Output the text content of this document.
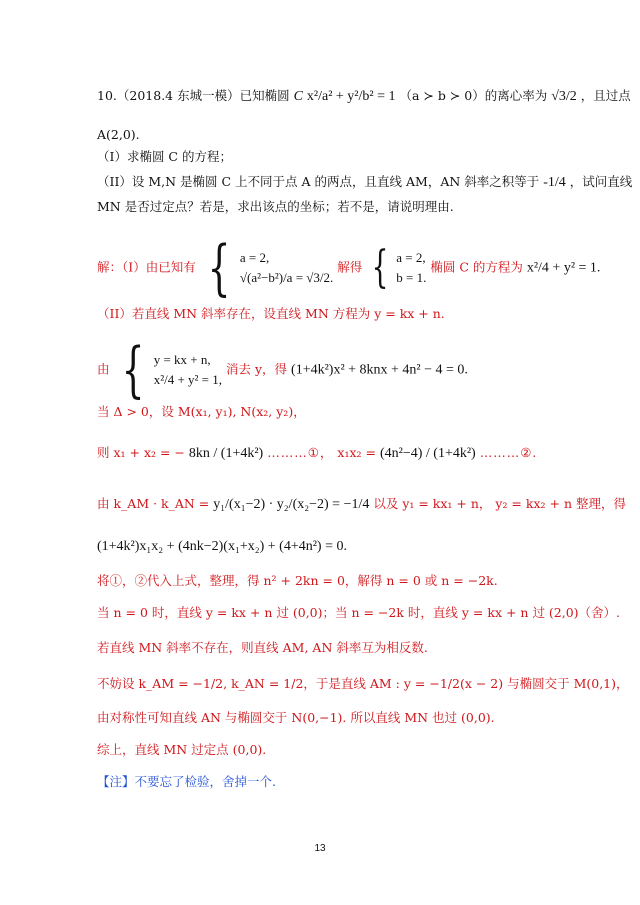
10.（2018.4 东城一模）已知椭圆 C x²/a² + y²/b² = 1 （a ≻ b ≻ 0）的离心率为 √3/2 ，且过点
A(2,0).
（Ⅰ）求椭圆 C 的方程；
（II）设 M,N 是椭圆 C 上不同于点 A 的两点，且直线 AM，AN 斜率之积等于 -1/4 ，试问直线
MN 是否过定点？若是，求出该点的坐标；若不是，请说明理由.
解：（I）由已知有 { a = 2,
√(a²−b²)/a = √3/2.
解得 { a = 2,
b = 1.
椭圆 C 的方程为 x²/4 + y² = 1.
（II）若直线 MN 斜率存在，设直线 MN 方程为 y = kx + n.
由 { y = kx + n,
x²/4 + y² = 1,
消去 y，得 (1+4k²)x² + 8knx + 4n² − 4 = 0.
当 Δ > 0，设 M(x₁, y₁), N(x₂, y₂)，
则 x₁ + x₂ = − 8kn / (1+4k²) ………①， x₁x₂ = (4n²−4) / (1+4k²) ………②.
由 k_AM · k_AN = y₁/(x₁−2) · y₂/(x₂−2) = −1/4 以及 y₁ = kx₁ + n， y₂ = kx₂ + n 整理，得
(1+4k²)x₁x₂ + (4nk−2)(x₁+x₂) + (4+4n²) = 0.
将①，②代入上式，整理，得 n² + 2kn = 0，解得 n = 0 或 n = −2k.
当 n = 0 时，直线 y = kx + n 过 (0,0)；当 n = −2k 时，直线 y = kx + n 过 (2,0)（舍）.
若直线 MN 斜率不存在，则直线 AM, AN 斜率互为相反数.
不妨设 k_AM = −1/2, k_AN = 1/2，于是直线 AM : y = −1/2(x − 2) 与椭圆交于 M(0,1)，
由对称性可知直线 AN 与椭圆交于 N(0,−1). 所以直线 MN 也过 (0,0).
综上，直线 MN 过定点 (0,0).
【注】不要忘了检验，舍掉一个.
13
